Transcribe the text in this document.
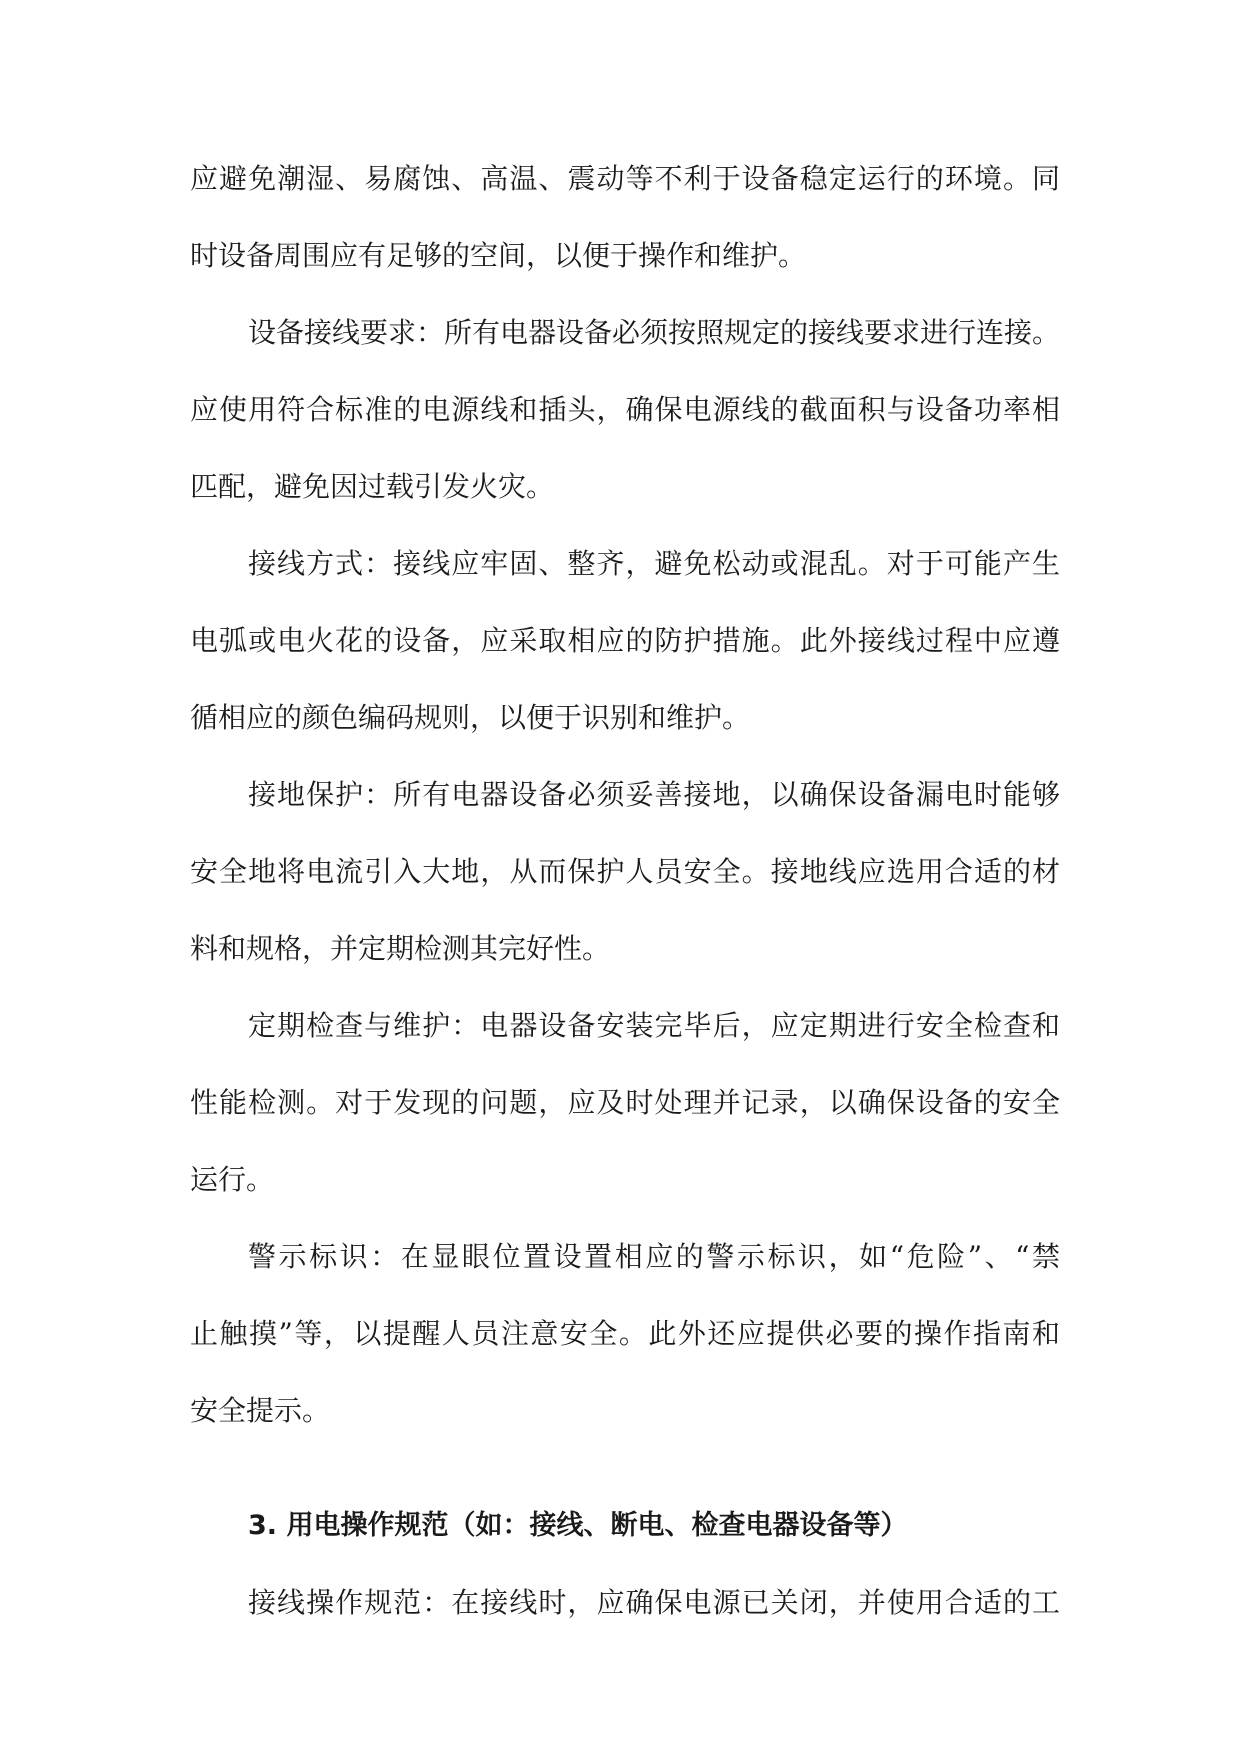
应避免潮湿、易腐蚀、高温、震动等不利于设备稳定运行的环境。同
时设备周围应有足够的空间，以便于操作和维护。
设备接线要求：所有电器设备必须按照规定的接线要求进行连接。
应使用符合标准的电源线和插头，确保电源线的截面积与设备功率相
匹配，避免因过载引发火灾。
接线方式：接线应牢固、整齐，避免松动或混乱。对于可能产生
电弧或电火花的设备，应采取相应的防护措施。此外接线过程中应遵
循相应的颜色编码规则，以便于识别和维护。
接地保护：所有电器设备必须妥善接地，以确保设备漏电时能够
安全地将电流引入大地，从而保护人员安全。接地线应选用合适的材
料和规格，并定期检测其完好性。
定期检查与维护：电器设备安装完毕后，应定期进行安全检查和
性能检测。对于发现的问题，应及时处理并记录，以确保设备的安全
运行。
警示标识：在显眼位置设置相应的警示标识，如“危险”、“禁
止触摸”等，以提醒人员注意安全。此外还应提供必要的操作指南和
安全提示。
3. 用电操作规范（如：接线、断电、检查电器设备等）
接线操作规范：在接线时，应确保电源已关闭，并使用合适的工
